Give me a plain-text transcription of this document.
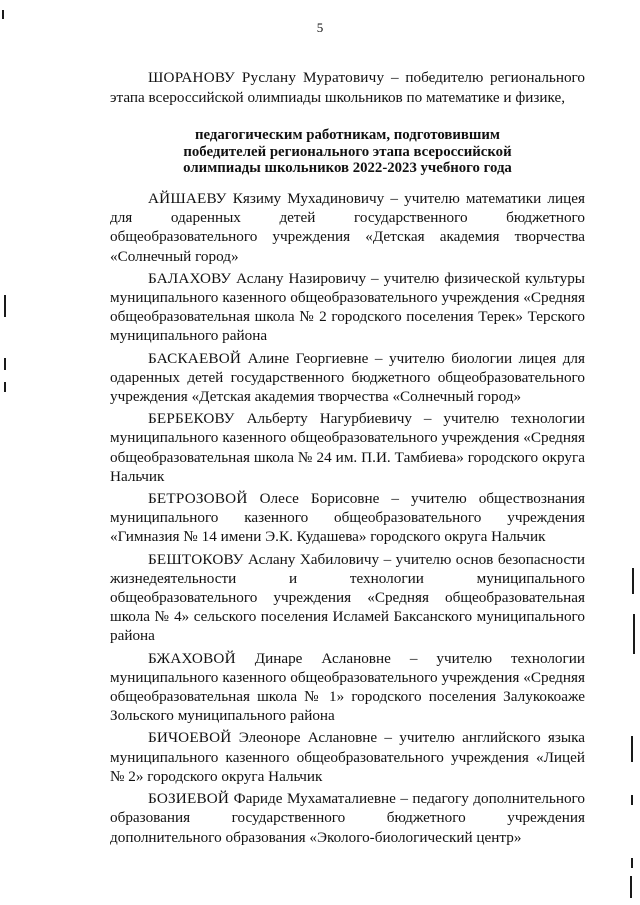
5

ШОРАНОВУ Руслану Муратовичу – победителю регионального этапа всероссийской олимпиады школьников по математике и физике,

педагогическим работникам, подготовившим
победителей регионального этапа всероссийской
олимпиады школьников 2022-2023 учебного года

АЙШАЕВУ Кязиму Мухадиновичу – учителю математики лицея для одаренных детей государственного бюджетного общеобразовательного учреждения «Детская академия творчества «Солнечный город»

БАЛАХОВУ Аслану Назировичу – учителю физической культуры муниципального казенного общеобразовательного учреждения «Средняя общеобразовательная школа № 2 городского поселения Терек» Терского муниципального района

БАСКАЕВОЙ Алине Георгиевне – учителю биологии лицея для одаренных детей государственного бюджетного общеобразовательного учреждения «Детская академия творчества «Солнечный город»

БЕРБЕКОВУ Альберту Нагурбиевичу – учителю технологии муниципального казенного общеобразовательного учреждения «Средняя общеобразовательная школа № 24 им. П.И. Тамбиева» городского округа Нальчик

БЕТРОЗОВОЙ Олесе Борисовне – учителю обществознания муниципального казенного общеобразовательного учреждения «Гимназия № 14 имени Э.К. Кудашева» городского округа Нальчик

БЕШТОКОВУ Аслану Хабиловичу – учителю основ безопасности жизнедеятельности и технологии муниципального общеобразовательного учреждения «Средняя общеобразовательная школа № 4» сельского поселения Исламей Баксанского муниципального района

БЖАХОВОЙ Динаре Аслановне – учителю технологии муниципального казенного общеобразовательного учреждения «Средняя общеобразовательная школа № 1» городского поселения Залукокоаже Зольского муниципального района

БИЧОЕВОЙ Элеоноре Аслановне – учителю английского языка муниципального казенного общеобразовательного учреждения «Лицей № 2» городского округа Нальчик

БОЗИЕВОЙ Фариде Мухаматалиевне – педагогу дополнительного образования государственного бюджетного учреждения дополнительного образования «Эколого-биологический центр»
